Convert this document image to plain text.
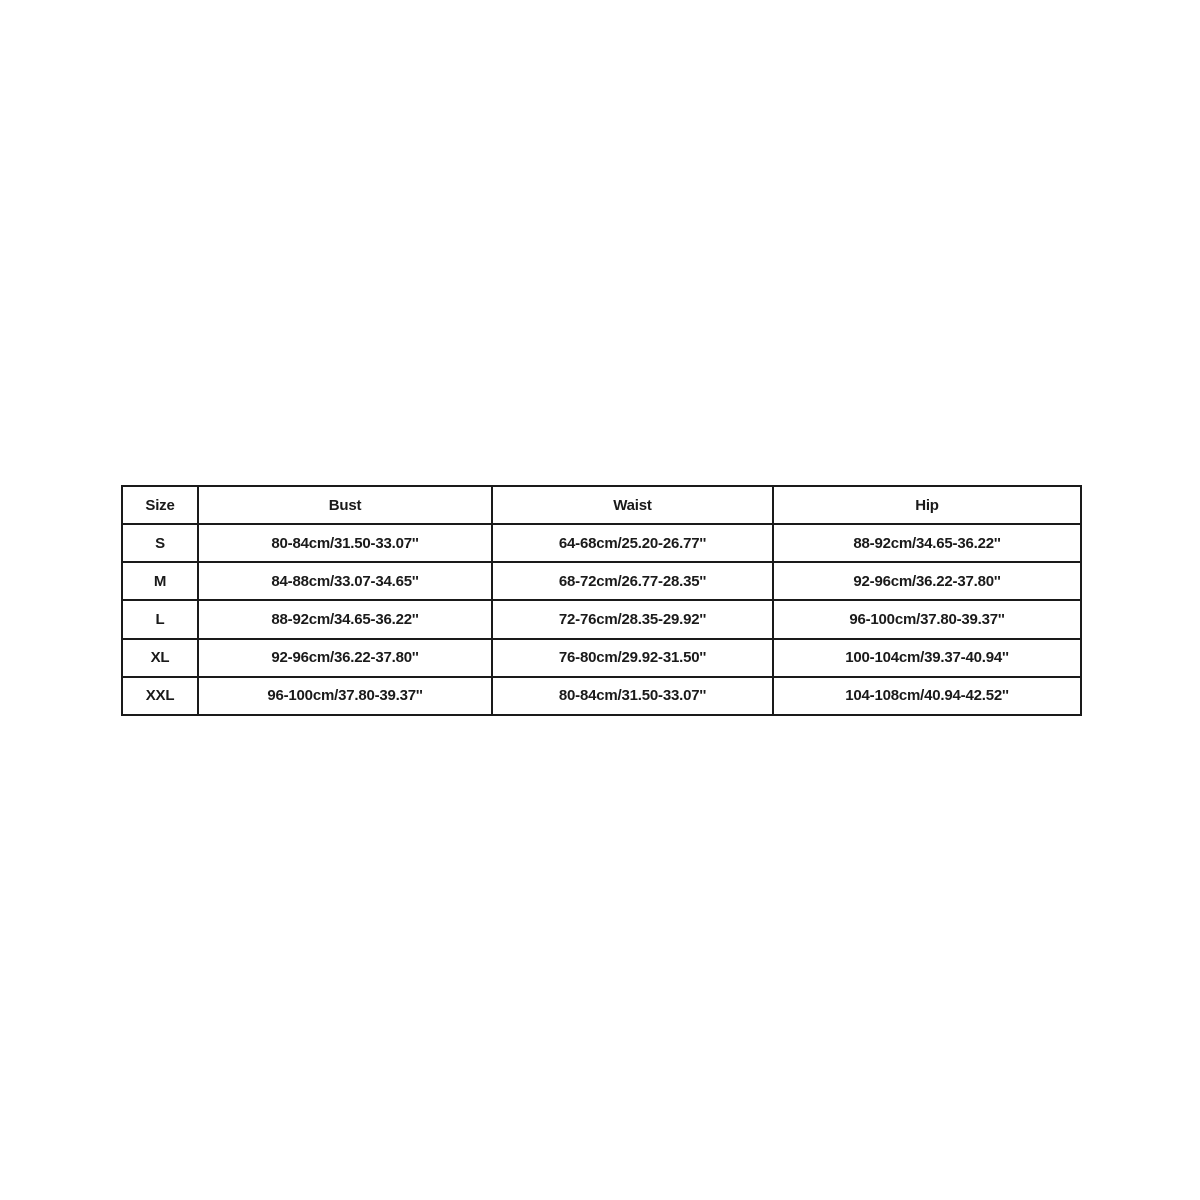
Size	Bust	Waist	Hip
S	80-84cm/31.50-33.07''	64-68cm/25.20-26.77''	88-92cm/34.65-36.22''
M	84-88cm/33.07-34.65''	68-72cm/26.77-28.35''	92-96cm/36.22-37.80''
L	88-92cm/34.65-36.22''	72-76cm/28.35-29.92''	96-100cm/37.80-39.37''
XL	92-96cm/36.22-37.80''	76-80cm/29.92-31.50''	100-104cm/39.37-40.94''
XXL	96-100cm/37.80-39.37''	80-84cm/31.50-33.07''	104-108cm/40.94-42.52''
